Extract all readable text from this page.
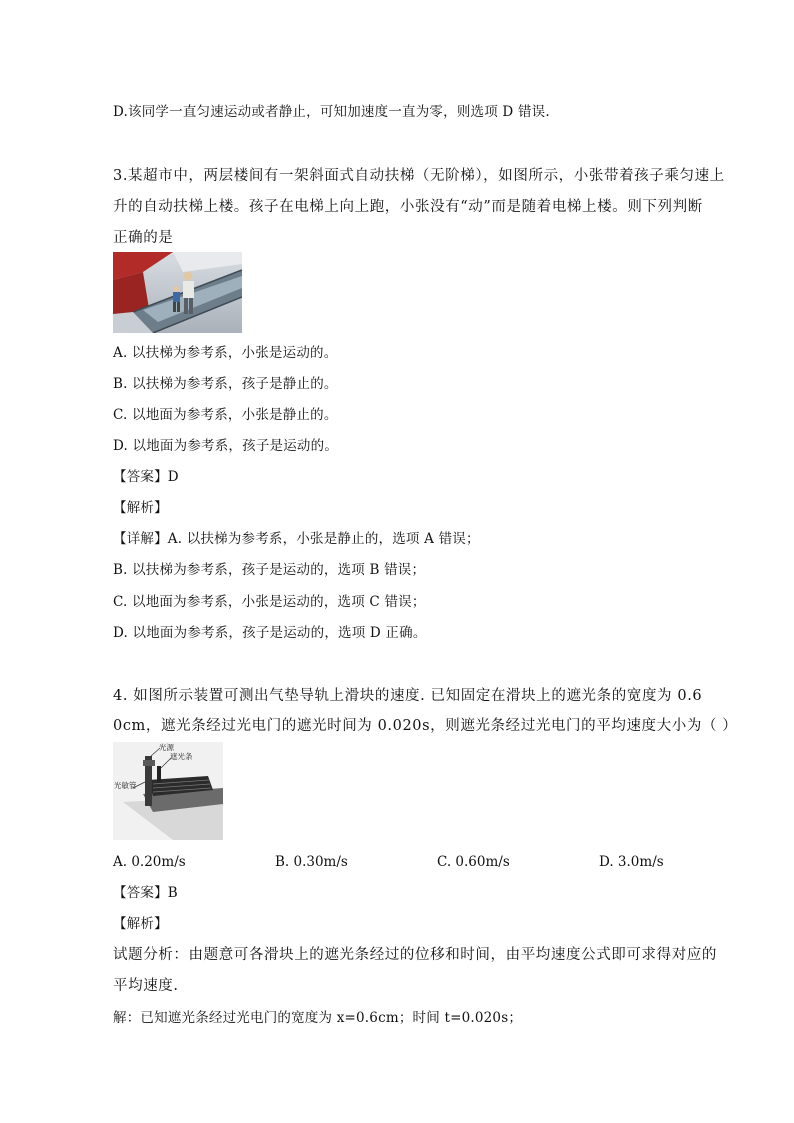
D.该同学一直匀速运动或者静止，可知加速度一直为零，则选项 D 错误.
3.某超市中，两层楼间有一架斜面式自动扶梯（无阶梯），如图所示，小张带着孩子乘匀速上
升的自动扶梯上楼。孩子在电梯上向上跑，小张没有“动”而是随着电梯上楼。则下列判断
正确的是
A. 以扶梯为参考系，小张是运动的。
B. 以扶梯为参考系，孩子是静止的。
C. 以地面为参考系，小张是静止的。
D. 以地面为参考系，孩子是运动的。
【答案】D
【解析】
【详解】A. 以扶梯为参考系，小张是静止的，选项 A 错误；
B. 以扶梯为参考系，孩子是运动的，选项 B 错误；
C. 以地面为参考系，小张是运动的，选项 C 错误；
D. 以地面为参考系，孩子是运动的，选项 D 正确。
4. 如图所示装置可测出气垫导轨上滑块的速度. 已知固定在滑块上的遮光条的宽度为 0.6
0cm，遮光条经过光电门的遮光时间为 0.020s，则遮光条经过光电门的平均速度大小为（ ）
光源
遮光条
光敏管
A. 0.20m/s	B. 0.30m/s	C. 0.60m/s	D. 3.0m/s
【答案】B
【解析】
试题分析：由题意可各滑块上的遮光条经过的位移和时间，由平均速度公式即可求得对应的
平均速度.
解：已知遮光条经过光电门的宽度为 x=0.6cm；时间 t=0.020s；
